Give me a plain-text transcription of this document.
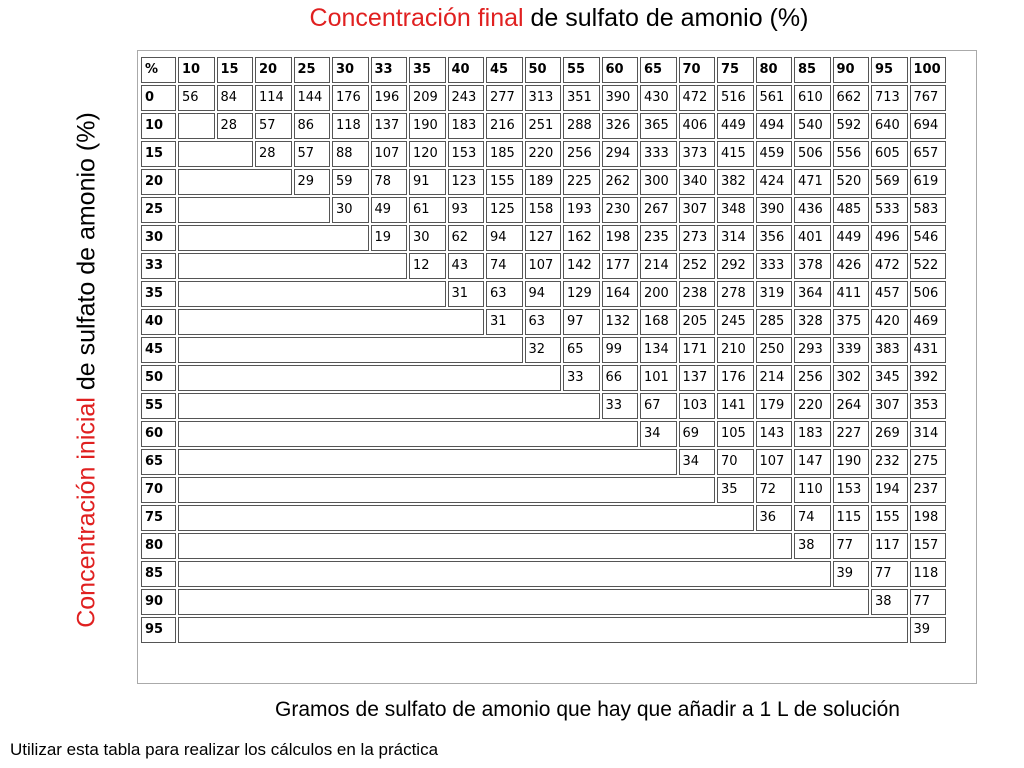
Concentración final de sulfato de amonio (%)
Concentración inicial de sulfato de amonio (%)
%	10	15	20	25	30	33	35	40	45	50	55	60	65	70	75	80	85	90	95	100
0	56	84	114	144	176	196	209	243	277	313	351	390	430	472	516	561	610	662	713	767
10		28	57	86	118	137	190	183	216	251	288	326	365	406	449	494	540	592	640	694
15			28	57	88	107	120	153	185	220	256	294	333	373	415	459	506	556	605	657
20				29	59	78	91	123	155	189	225	262	300	340	382	424	471	520	569	619
25					30	49	61	93	125	158	193	230	267	307	348	390	436	485	533	583
30						19	30	62	94	127	162	198	235	273	314	356	401	449	496	546
33							12	43	74	107	142	177	214	252	292	333	378	426	472	522
35								31	63	94	129	164	200	238	278	319	364	411	457	506
40									31	63	97	132	168	205	245	285	328	375	420	469
45										32	65	99	134	171	210	250	293	339	383	431
50											33	66	101	137	176	214	256	302	345	392
55												33	67	103	141	179	220	264	307	353
60													34	69	105	143	183	227	269	314
65														34	70	107	147	190	232	275
70															35	72	110	153	194	237
75																36	74	115	155	198
80																	38	77	117	157
85																		39	77	118
90																			38	77
95																				39
Gramos de sulfato de amonio que hay que añadir a 1 L de solución
Utilizar esta tabla para realizar los cálculos en la práctica
